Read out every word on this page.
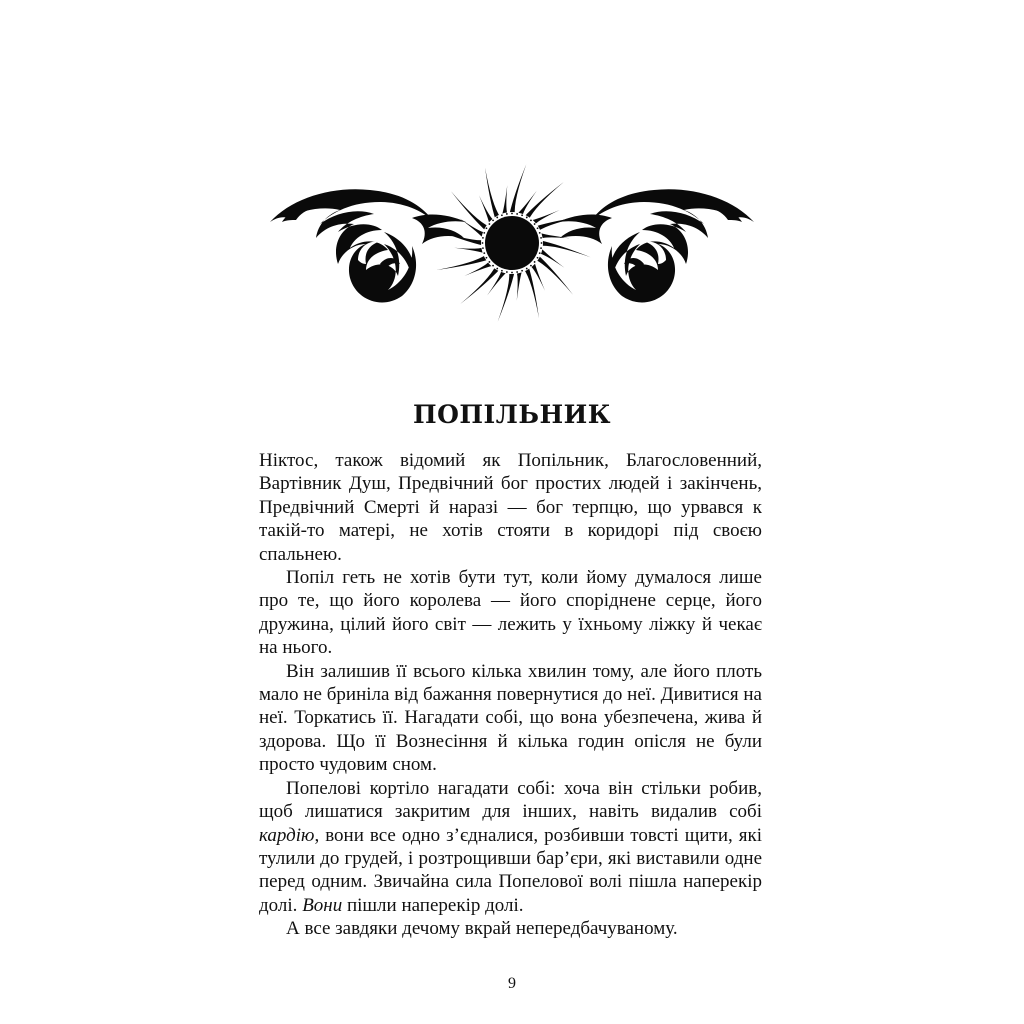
ПОПІЛЬНИК

Ніктос, також відомий як Попільник, Благословенний, Вартівник Душ, Предвічний бог простих людей і закінчень, Предвічний Смерті й наразі — бог терпцю, що урвався к такій-то матері, не хотів стояти в коридорі під своєю спальнею.

Попіл геть не хотів бути тут, коли йому думалося лише про те, що його королева — його споріднене серце, його дружина, цілий його світ — лежить у їхньому ліжку й чекає на нього.

Він залишив її всього кілька хвилин тому, але його плоть мало не бриніла від бажання повернутися до неї. Дивитися на неї. Торкатись її. Нагадати собі, що вона убезпечена, жива й здорова. Що її Вознесіння й кілька годин опісля не були просто чудовим сном.

Попелові кортіло нагадати собі: хоча він стільки робив, щоб лишатися закритим для інших, навіть видалив собі кардію, вони все одно з’єдналися, розбивши товсті щити, які тулили до грудей, і розтрощивши бар’єри, які виставили одне перед одним. Звичайна сила Попелової волі пішла наперекір долі. Вони пішли наперекір долі.

А все завдяки дечому вкрай непередбачуваному.

9
